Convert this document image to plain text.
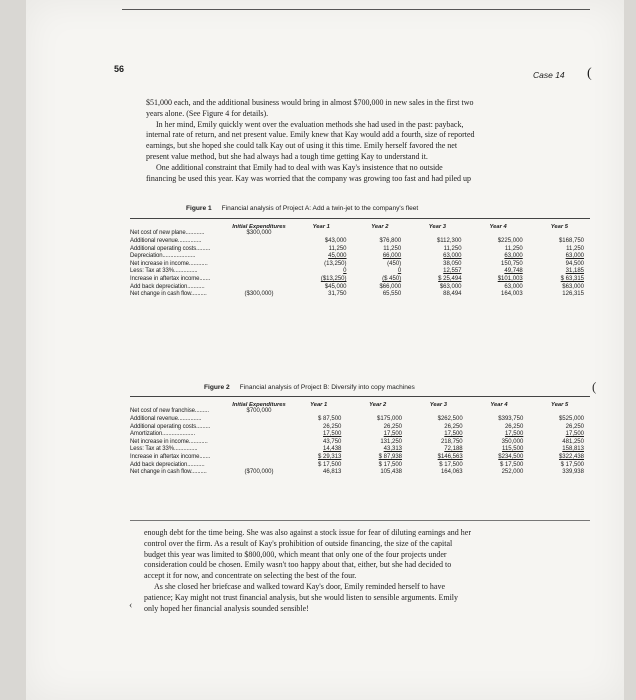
56
Case 14 (
$51,000 each, and the additional business would bring in almost $700,000 in new sales in the first two
years alone. (See Figure 4 for details).
In her mind, Emily quickly went over the evaluation methods she had used in the past: payback,
internal rate of return, and net present value. Emily knew that Kay would add a fourth, size of reported
earnings, but she hoped she could talk Kay out of using it this time. Emily herself favored the net
present value method, but she had always had a tough time getting Kay to understand it.
One additional constraint that Emily had to deal with was Kay's insistence that no outside
financing be used this year. Kay was worried that the company was growing too fast and had piled up
Figure 1 Financial analysis of Project A: Add a twin-jet to the company's fleet
	Initial Expenditures	Year 1	Year 2	Year 3	Year 4	Year 5
Net cost of new plane............	$300,000					
Additional revenue...............		$43,000	$76,800	$112,300	$225,000	$168,750
Additional operating costs.........		11,250	11,250	11,250	11,250	11,250
Depreciation.....................		45,000	66,000	63,000	63,000	63,000
Net increase in income............		(13,250)	(450)	38,050	150,750	94,500
Less: Tax at 33%...............		0	0	12,557	49,748	31,185
Increase in aftertax income.......		($13,250)	($ 450)	$ 25,494	$101,003	$ 63,315
Add back depreciation...........		$45,000	$66,000	$63,000	63,000	$63,000
Net change in cash flow..........	($300,000)	31,750	65,550	88,494	164,003	126,315
Figure 2 Financial analysis of Project B: Diversify into copy machines	(
	Initial Expenditures	Year 1	Year 2	Year 3	Year 4	Year 5
Net cost of new franchise.........	$700,000					
Additional revenue...............		$ 87,500	$175,000	$262,500	$393,750	$525,000
Additional operating costs.........		26,250	26,250	26,250	26,250	26,250
Amortization.....................		17,500	17,500	17,500	17,500	17,500
Net increase in income............		43,750	131,250	218,750	350,000	481,250
Less: Tax at 33%...............		14,438	43,313	72,188	115,500	158,813
Increase in aftertax income.......		$ 29,313	$ 87,938	$146,563	$234,500	$322,438
Add back depreciation...........		$ 17,500	$ 17,500	$ 17,500	$ 17,500	$ 17,500
Net change in cash flow..........	($700,000)	46,813	105,438	164,063	252,000	339,938
‹
enough debt for the time being. She was also against a stock issue for fear of diluting earnings and her
control over the firm. As a result of Kay's prohibition of outside financing, the size of the capital
budget this year was limited to $800,000, which meant that only one of the four projects under
consideration could be chosen. Emily wasn't too happy about that, either, but she had decided to
accept it for now, and concentrate on selecting the best of the four.
As she closed her briefcase and walked toward Kay's door, Emily reminded herself to have
patience; Kay might not trust financial analysis, but she would listen to sensible arguments. Emily
only hoped her financial analysis sounded sensible!
